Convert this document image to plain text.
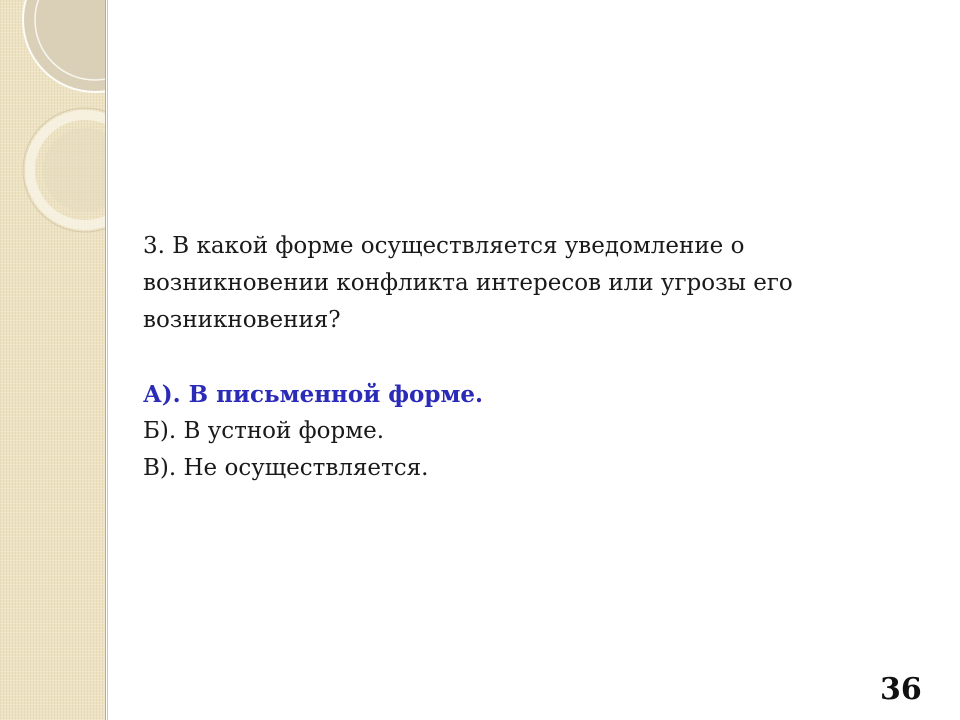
3. В какой форме осуществляется уведомление о возникновении конфликта интересов или угрозы его возникновения?

А). В письменной форме.
Б). В устной форме.
В). Не осуществляется.
36
